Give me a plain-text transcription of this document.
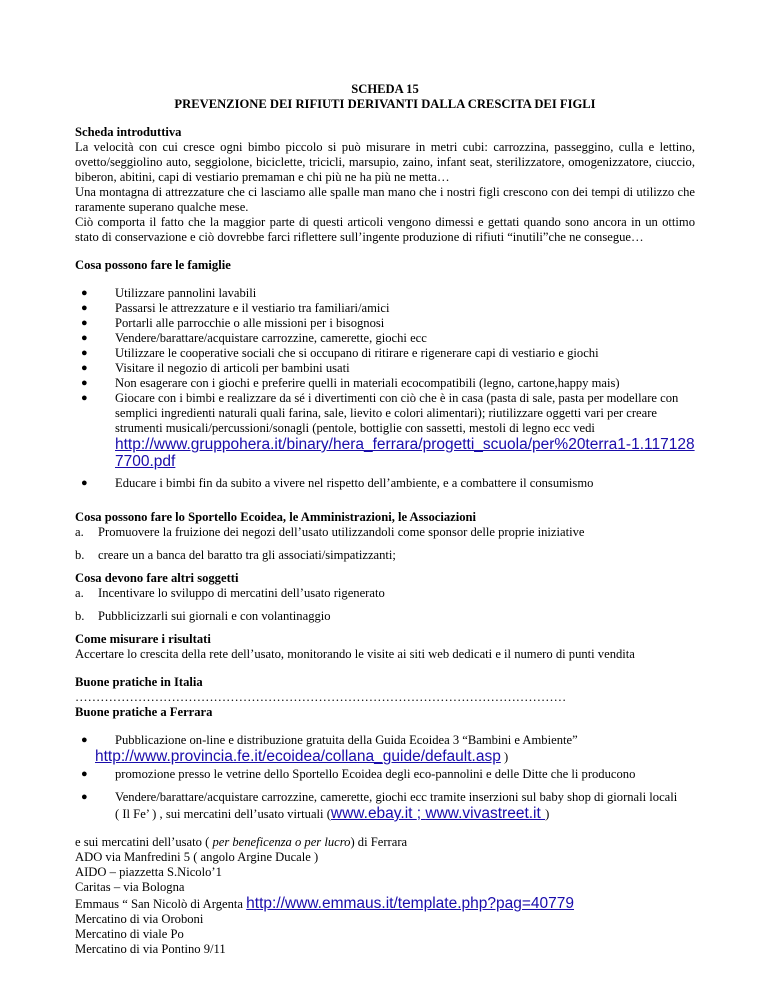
SCHEDA 15

PREVENZIONE DEI RIFIUTI DERIVANTI DALLA CRESCITA DEI FIGLI

Scheda introduttiva

La velocità con cui cresce ogni bimbo piccolo si può misurare in metri cubi: carrozzina, passeggino, culla e lettino, ovetto/seggiolino auto, seggiolone, biciclette, tricicli, marsupio, zaino, infant seat, sterilizzatore, omogenizzatore, ciuccio, biberon, abitini, capi di vestiario premaman e chi più ne ha più ne metta…

Una montagna di attrezzature che ci lasciamo alle spalle man mano che i nostri figli crescono con dei tempi di utilizzo che raramente superano qualche mese.

Ciò comporta il fatto che la maggior parte di questi articoli vengono dimessi e gettati quando sono ancora in un ottimo stato di conservazione e ciò dovrebbe farci riflettere sull’ingente produzione di rifiuti “inutili”che ne consegue…

Cosa possono fare le famiglie

● Utilizzare pannolini lavabili
● Passarsi le attrezzature e il vestiario tra familiari/amici
● Portarli alle parrocchie o alle missioni per i bisognosi
● Vendere/barattare/acquistare carrozzine, camerette, giochi ecc
● Utilizzare le cooperative sociali che si occupano di ritirare e rigenerare capi di vestiario e giochi
● Visitare il negozio di articoli per bambini usati
● Non esagerare con i giochi e preferire quelli in materiali ecocompatibili (legno, cartone,happy mais)
● Giocare con i bimbi e realizzare da sé i divertimenti con ciò che è in casa (pasta di sale, pasta per modellare con semplici ingredienti naturali quali farina, sale, lievito e colori alimentari); riutilizzare oggetti vari per creare strumenti musicali/percussioni/sonagli (pentole, bottiglie con sassetti, mestoli di legno ecc vedi
http://www.gruppohera.it/binary/hera_ferrara/progetti_scuola/per%20terra1-1.1171287700.pdf
● Educare i bimbi fin da subito a vivere nel rispetto dell’ambiente, e a combattere il consumismo

Cosa possono fare lo Sportello Ecoidea, le Amministrazioni, le Associazioni

a. Promuovere la fruizione dei negozi dell’usato utilizzandoli come sponsor delle proprie iniziative
b. creare un a banca del baratto tra gli associati/simpatizzanti;

Cosa devono fare altri soggetti

a. Incentivare lo sviluppo di mercatini dell’usato rigenerato
b. Pubblicizzarli sui giornali e con volantinaggio

Come misurare i risultati

Accertare lo crescita della rete dell’usato, monitorando le visite ai siti web dedicati e il numero di punti vendita

Buone pratiche in Italia

………………………………………………………………………………………………………

Buone pratiche a Ferrara

● Pubblicazione on-line e distribuzione gratuita della Guida Ecoidea 3 “Bambini e Ambiente”

http://www.provincia.fe.it/ecoidea/collana_guide/default.asp )

● promozione presso le vetrine dello Sportello Ecoidea degli eco-pannolini e delle Ditte che li producono
● Vendere/barattare/acquistare carrozzine, camerette, giochi ecc tramite inserzioni sul baby shop di giornali locali
( Il Fe’ ) , sui mercatini dell’usato virtuali (www.ebay.it ; www.vivastreet.it )

e sui mercatini dell’usato ( per beneficenza o per lucro) di Ferrara

ADO via Manfredini 5 ( angolo Argine Ducale )

AIDO – piazzetta S.Nicolo’1

Caritas – via Bologna

Emmaus “ San Nicolò di Argenta http://www.emmaus.it/template.php?pag=40779

Mercatino di via Oroboni

Mercatino di viale Po

Mercatino di via Pontino 9/11
